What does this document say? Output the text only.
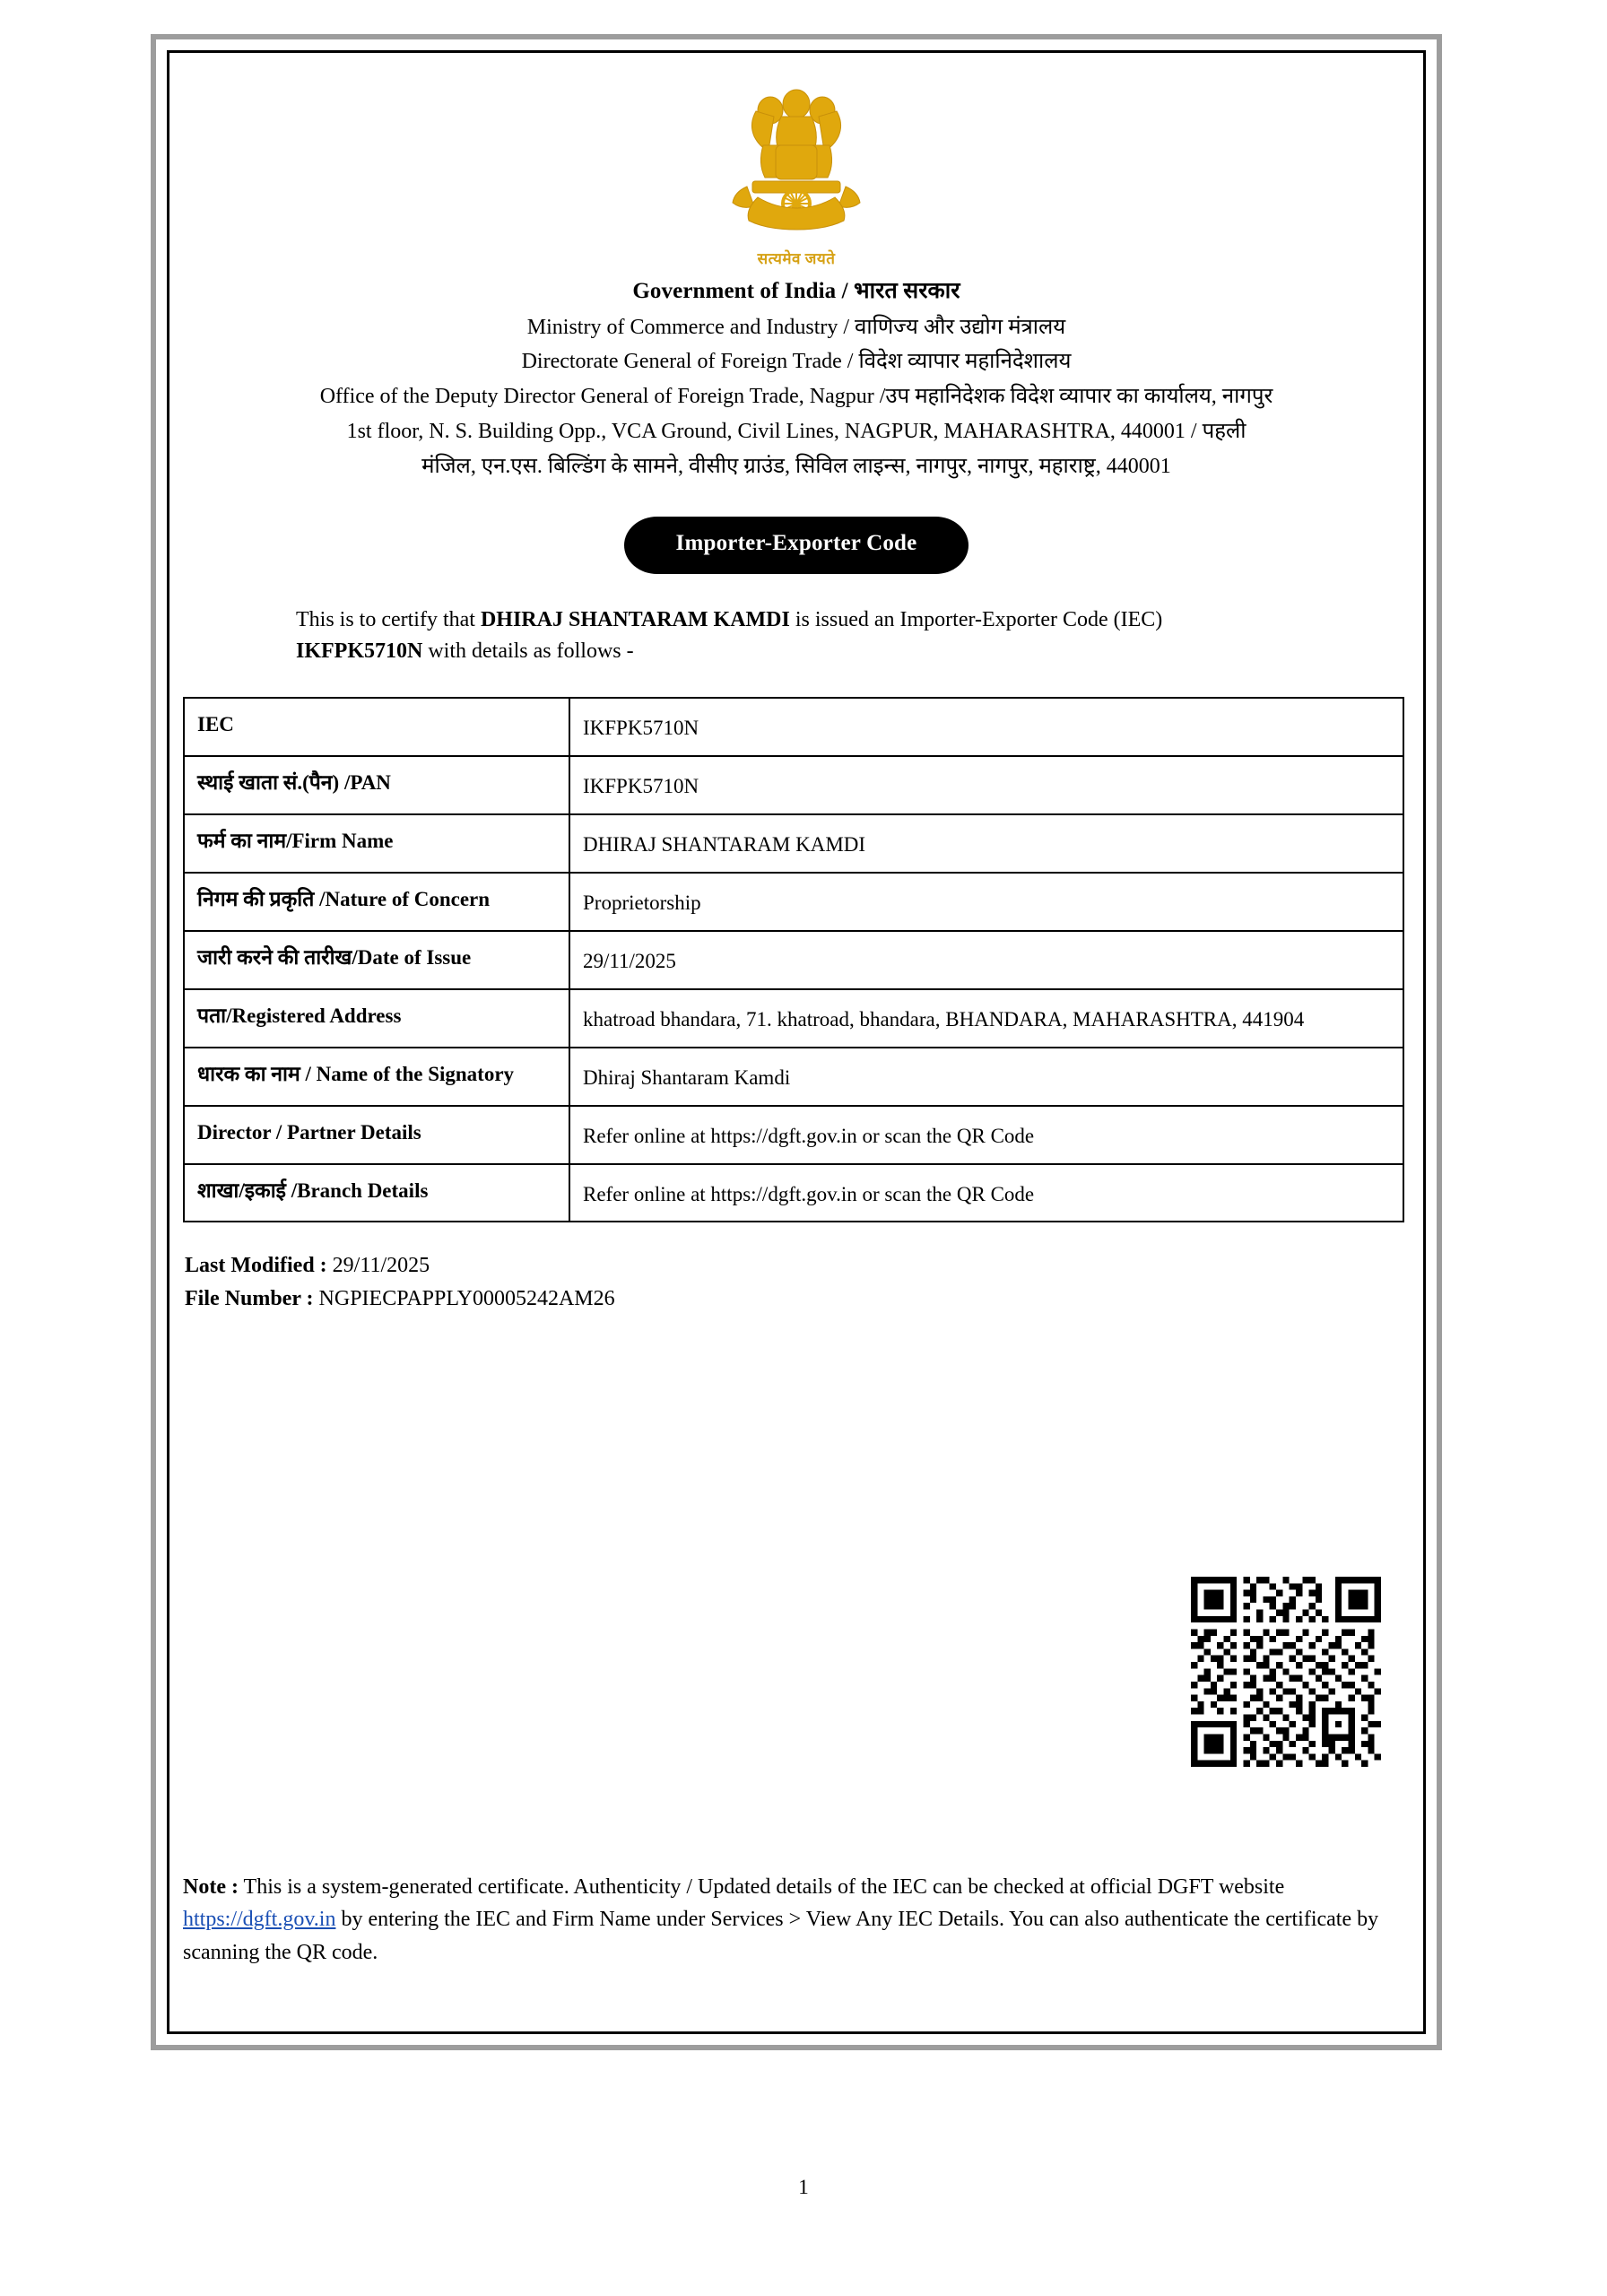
सत्यमेव जयते
Government of India / भारत सरकार
Ministry of Commerce and Industry / वाणिज्य और उद्योग मंत्रालय
Directorate General of Foreign Trade / विदेश व्यापार महानिदेशालय
Office of the Deputy Director General of Foreign Trade, Nagpur /उप महानिदेशक विदेश व्यापार का कार्यालय, नागपुर
1st floor, N. S. Building Opp., VCA Ground, Civil Lines, NAGPUR, MAHARASHTRA, 440001 / पहली
मंजिल, एन.एस. बिल्डिंग के सामने, वीसीए ग्राउंड, सिविल लाइन्स, नागपुर, नागपुर, महाराष्ट्र, 440001
Importer-Exporter Code
This is to certify that DHIRAJ SHANTARAM KAMDI is issued an Importer-Exporter Code (IEC) IKFPK5710N with details as follows -
IEC	IKFPK5710N
स्थाई खाता सं.(पैन) /PAN	IKFPK5710N
फर्म का नाम/Firm Name	DHIRAJ SHANTARAM KAMDI
निगम की प्रकृति /Nature of Concern	Proprietorship
जारी करने की तारीख/Date of Issue	29/11/2025
पता/Registered Address	khatroad bhandara, 71. khatroad, bhandara, BHANDARA, MAHARASHTRA, 441904
धारक का नाम / Name of the Signatory	Dhiraj Shantaram Kamdi
Director / Partner Details	Refer online at https://dgft.gov.in or scan the QR Code
शाखा/इकाई /Branch Details	Refer online at https://dgft.gov.in or scan the QR Code
Last Modified : 29/11/2025
File Number : NGPIECPAPPLY00005242AM26
Note : This is a system-generated certificate. Authenticity / Updated details of the IEC can be checked at official DGFT website https://dgft.gov.in by entering the IEC and Firm Name under Services > View Any IEC Details. You can also authenticate the certificate by scanning the QR code.
1
